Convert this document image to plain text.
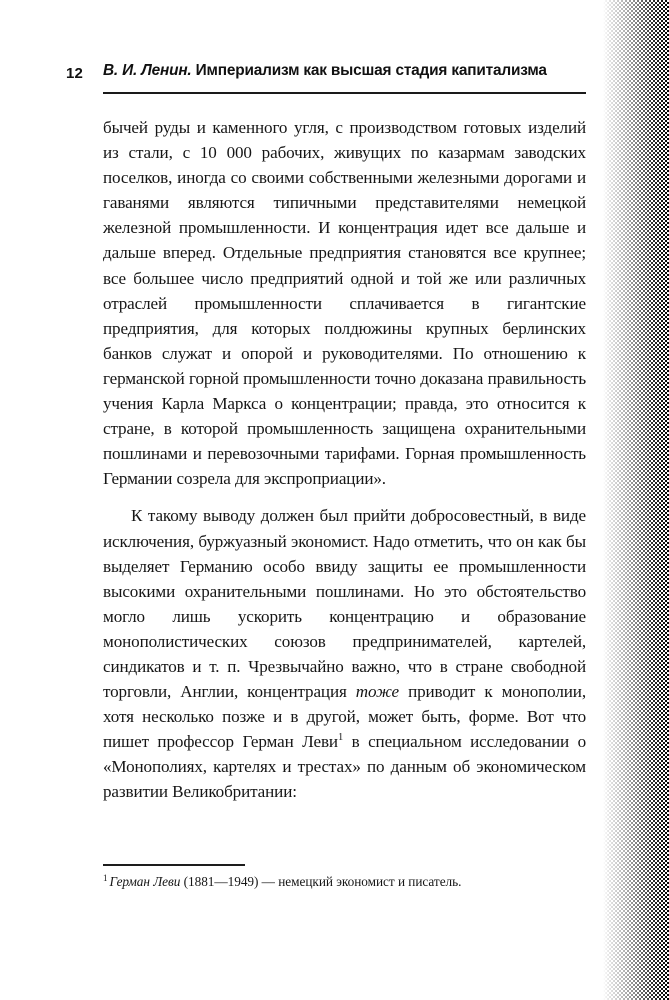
12	В. И. Ленин. Империализм как высшая стадия капитализма

бычей руды и каменного угля, с производством готовых изделий из стали, с 10 000 рабочих, живущих по казармам заводских поселков, иногда со своими собственными железными дорогами и гаванями являются типичными представителями немецкой железной промышленности. И концентрация идет все дальше и дальше вперед. Отдельные предприятия становятся все крупнее; все большее число предприятий одной и той же или различных отраслей промышленности сплачивается в гигантские предприятия, для которых полдюжины крупных берлинских банков служат и опорой и руководителями. По отношению к германской горной промышленности точно доказана правильность учения Карла Маркса о концентрации; правда, это относится к стране, в которой промышленность защищена охранительными пошлинами и перевозочными тарифами. Горная промышленность Германии созрела для экспроприации».

К такому выводу должен был прийти добросовестный, в виде исключения, буржуазный экономист. Надо отметить, что он как бы выделяет Германию особо ввиду защиты ее промышленности высокими охранительными пошлинами. Но это обстоятельство могло лишь ускорить концентрацию и образование монополистических союзов предпринимателей, картелей, синдикатов и т. п. Чрезвычайно важно, что в стране свободной торговли, Англии, концентрация тоже приводит к монополии, хотя несколько позже и в другой, может быть, форме. Вот что пишет профессор Герман Леви$^1$ в специальном исследовании о «Монополиях, картелях и трестах» по данным об экономическом развитии Великобритании:

$^1$ Герман Леви (1881—1949) — немецкий экономист и писатель.
